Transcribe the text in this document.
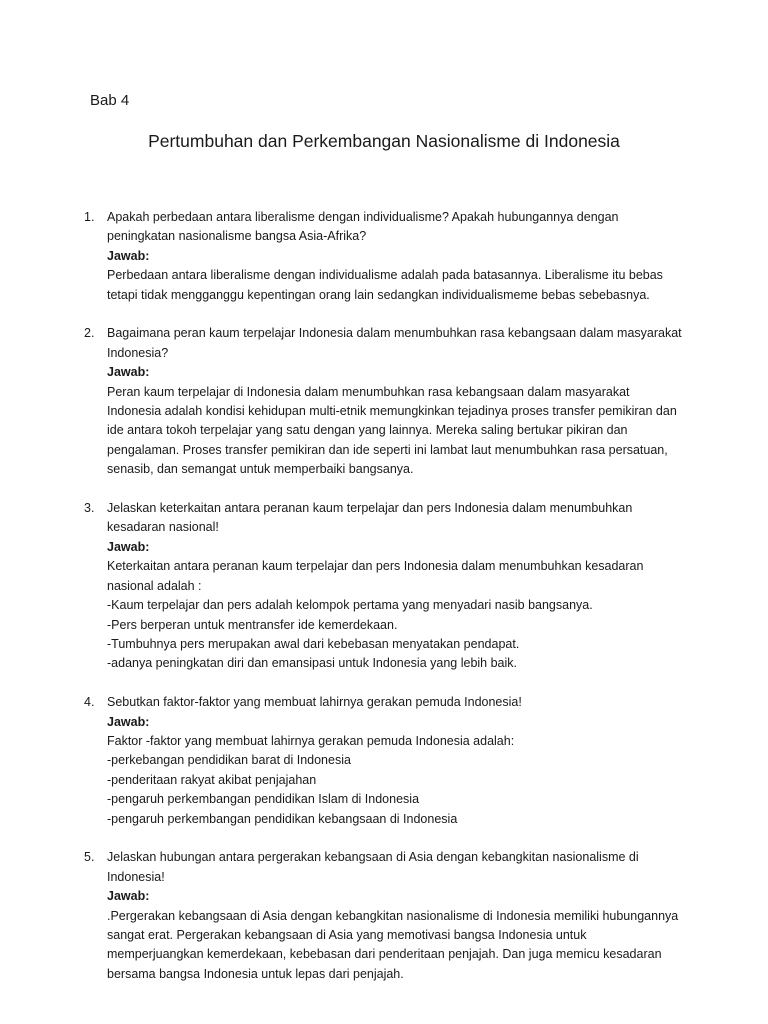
Bab 4
Pertumbuhan dan Perkembangan Nasionalisme di Indonesia
1. Apakah perbedaan antara liberalisme dengan individualisme? Apakah hubungannya dengan peningkatan nasionalisme bangsa Asia-Afrika?

Jawab:

Perbedaan antara liberalisme dengan individualisme adalah pada batasannya. Liberalisme itu bebas tetapi tidak mengganggu kepentingan orang lain sedangkan individualismeme bebas sebebasnya.

2. Bagaimana peran kaum terpelajar Indonesia dalam menumbuhkan rasa kebangsaan dalam masyarakat Indonesia?

Jawab:

Peran kaum terpelajar di Indonesia dalam menumbuhkan rasa kebangsaan dalam masyarakat Indonesia adalah kondisi kehidupan multi-etnik memungkinkan tejadinya proses transfer pemikiran dan ide antara tokoh terpelajar yang satu dengan yang lainnya. Mereka saling bertukar pikiran dan pengalaman. Proses transfer pemikiran dan ide seperti ini lambat laut menumbuhkan rasa persatuan, senasib, dan semangat untuk memperbaiki bangsanya.

3. Jelaskan keterkaitan antara peranan kaum terpelajar dan pers Indonesia dalam menumbuhkan kesadaran nasional!

Jawab:

Keterkaitan antara peranan kaum terpelajar dan pers Indonesia dalam menumbuhkan kesadaran nasional adalah :

-Kaum terpelajar dan pers adalah kelompok pertama yang menyadari nasib bangsanya.

-Pers berperan untuk mentransfer ide kemerdekaan.

-Tumbuhnya pers merupakan awal dari kebebasan menyatakan pendapat.

-adanya peningkatan diri dan emansipasi untuk Indonesia yang lebih baik.

4. Sebutkan faktor-faktor yang membuat lahirnya gerakan pemuda Indonesia!

Jawab:

Faktor -faktor yang membuat lahirnya gerakan pemuda Indonesia adalah:

-perkebangan pendidikan barat di Indonesia

-penderitaan rakyat akibat penjajahan

-pengaruh perkembangan pendidikan Islam di Indonesia

-pengaruh perkembangan pendidikan kebangsaan di Indonesia

5. Jelaskan hubungan antara pergerakan kebangsaan di Asia dengan kebangkitan nasionalisme di Indonesia!

Jawab:

.Pergerakan kebangsaan di Asia dengan kebangkitan nasionalisme di Indonesia memiliki hubungannya sangat erat. Pergerakan kebangsaan di Asia yang memotivasi bangsa Indonesia untuk memperjuangkan kemerdekaan, kebebasan dari penderitaan penjajah. Dan juga memicu kesadaran bersama bangsa Indonesia untuk lepas dari penjajah.
